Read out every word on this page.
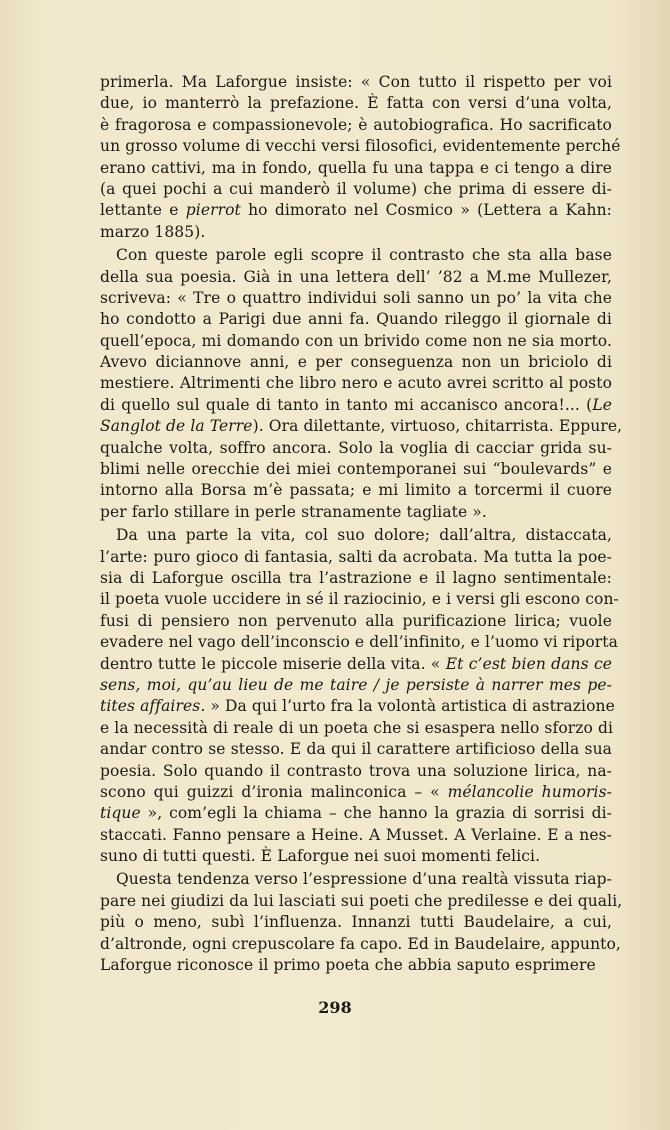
primerla. Ma Laforgue insiste: « Con tutto il rispetto per voi
due, io manterrò la prefazione. È fatta con versi d’una volta,
è fragorosa e compassionevole; è autobiografica. Ho sacrificato
un grosso volume di vecchi versi filosofici, evidentemente perché
erano cattivi, ma in fondo, quella fu una tappa e ci tengo a dire
(a quei pochi a cui manderò il volume) che prima di essere di-
lettante e pierrot ho dimorato nel Cosmico » (Lettera a Kahn:
marzo 1885).
Con queste parole egli scopre il contrasto che sta alla base
della sua poesia. Già in una lettera dell’ ’82 a M.me Mullezer,
scriveva: « Tre o quattro individui soli sanno un po’ la vita che
ho condotto a Parigi due anni fa. Quando rileggo il giornale di
quell’epoca, mi domando con un brivido come non ne sia morto.
Avevo diciannove anni, e per conseguenza non un briciolo di
mestiere. Altrimenti che libro nero e acuto avrei scritto al posto
di quello sul quale di tanto in tanto mi accanisco ancora!... (Le
Sanglot de la Terre). Ora dilettante, virtuoso, chitarrista. Eppure,
qualche volta, soffro ancora. Solo la voglia di cacciar grida su-
blimi nelle orecchie dei miei contemporanei sui “boulevards” e
intorno alla Borsa m’è passata; e mi limito a torcermi il cuore
per farlo stillare in perle stranamente tagliate ».
Da una parte la vita, col suo dolore; dall’altra, distaccata,
l’arte: puro gioco di fantasia, salti da acrobata. Ma tutta la poe-
sia di Laforgue oscilla tra l’astrazione e il lagno sentimentale:
il poeta vuole uccidere in sé il raziocinio, e i versi gli escono con-
fusi di pensiero non pervenuto alla purificazione lirica; vuole
evadere nel vago dell’inconscio e dell’infinito, e l’uomo vi riporta
dentro tutte le piccole miserie della vita. « Et c’est bien dans ce
sens, moi, qu’au lieu de me taire / je persiste à narrer mes pe-
tites affaires. » Da qui l’urto fra la volontà artistica di astrazione
e la necessità di reale di un poeta che si esaspera nello sforzo di
andar contro se stesso. E da qui il carattere artificioso della sua
poesia. Solo quando il contrasto trova una soluzione lirica, na-
scono qui guizzi d’ironia malinconica – « mélancolie humoris-
tique », com’egli la chiama – che hanno la grazia di sorrisi di-
staccati. Fanno pensare a Heine. A Musset. A Verlaine. E a nes-
suno di tutti questi. È Laforgue nei suoi momenti felici.
Questa tendenza verso l’espressione d’una realtà vissuta riap-
pare nei giudizi da lui lasciati sui poeti che predilesse e dei quali,
più o meno, subì l’influenza. Innanzi tutti Baudelaire, a cui,
d’altronde, ogni crepuscolare fa capo. Ed in Baudelaire, appunto,
Laforgue riconosce il primo poeta che abbia saputo esprimere
298
